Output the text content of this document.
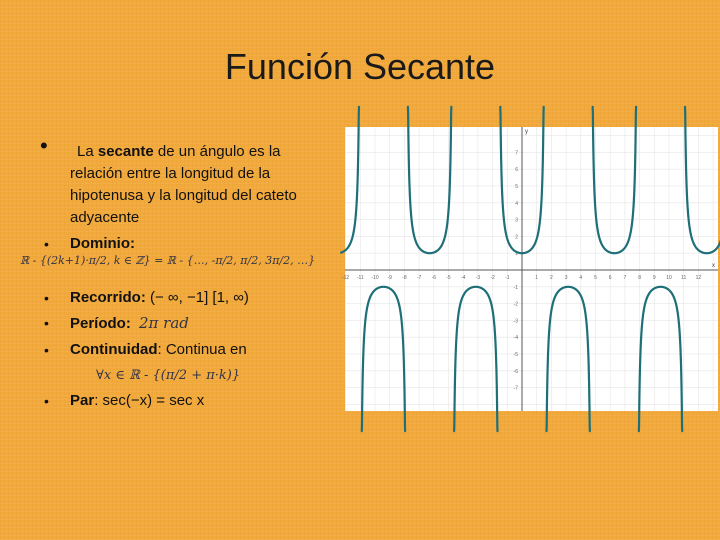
Función Secante
• La secante de un ángulo es la
relación entre la longitud de la
hipotenusa y la longitud del cateto
adyacente
• Dominio:
ℝ - {(2k+1)·π/2, k ∈ ℤ} = ℝ - {…, -π/2, π/2, 3π/2, …}
• Recorrido: (− ∞, −1] [1, ∞)
• Período: 2π rad
• Continuidad: Continua en
∀x ∈ ℝ - {(π/2 + π·k)}
• Par: sec(−x) = sec x
-12 -11 -10 -9 -8 -7 -6 -5 -4 -3 -2 -1	1 2 3 4 5 6 7 8 9 10 11 12
7
6
5
4
3
2
1
-1
-2
-3
-4
-5
-6
-7
x
y
